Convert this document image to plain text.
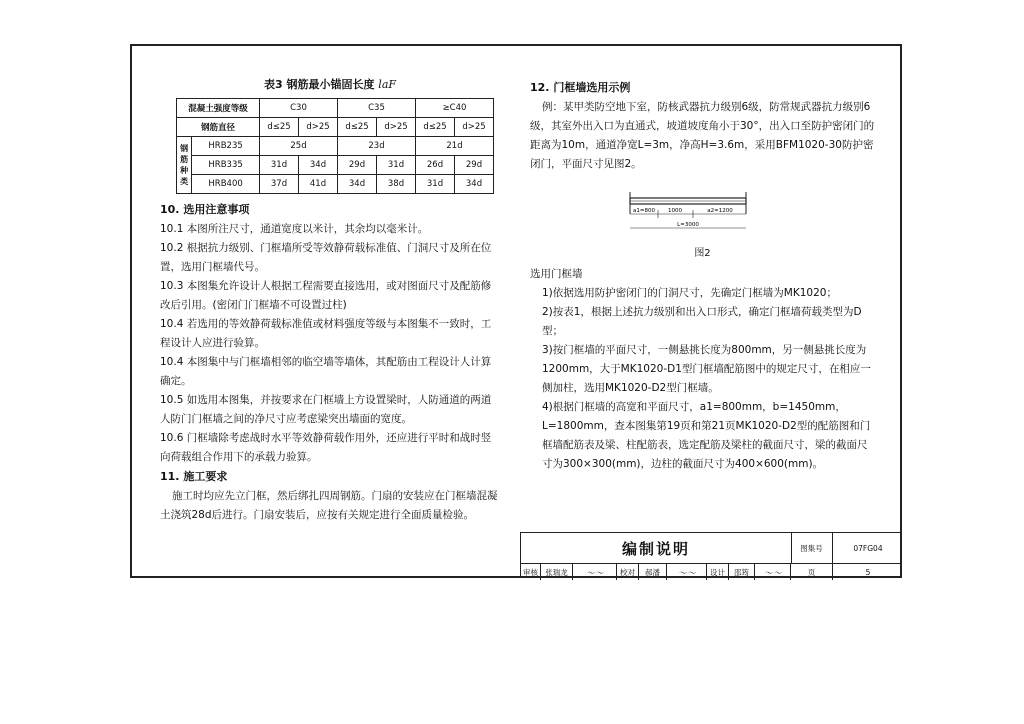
表3 钢筋最小锚固长度 laF
混凝土强度等级		C30		C35		≥C40	
钢筋直径		d≤25	d>25	d≤25	d>25	d≤25	d>25

钢
筋
种
类	HRB235	25d		23d		21d	
	HRB335	31d	34d	29d	31d	26d	29d
	HRB400	37d	41d	34d	38d	31d	34d

10. 选用注意事项

10.1 本图所注尺寸，通道宽度以米计，其余均以毫米计。

10.2 根据抗力级别、门框墙所受等效静荷载标准值、门洞尺寸及所在位置，选用门框墙代号。

10.3 本图集允许设计人根据工程需要直接选用，或对图面尺寸及配筋修改后引用。(密闭门门框墙不可设置过柱)

10.4 若选用的等效静荷载标准值或材料强度等级与本图集不一致时，工程设计人应进行验算。

10.4 本图集中与门框墙相邻的临空墙等墙体，其配筋由工程设计人计算确定。

10.5 如选用本图集，并按要求在门框墙上方设置梁时，人防通道的两道人防门门框墙之间的净尺寸应考虑梁突出墙面的宽度。

10.6 门框墙除考虑战时水平等效静荷载作用外，还应进行平时和战时竖向荷载组合作用下的承载力验算。

11. 施工要求

施工时均应先立门框，然后绑扎四周钢筋。门扇的安装应在门框墙混凝土浇筑28d后进行。门扇安装后，应按有关规定进行全面质量检验。

12. 门框墙选用示例

例：某甲类防空地下室，防核武器抗力级别6级，防常规武器抗力级别6级，其室外出入口为直通式，坡道坡度角小于30°，出入口至防护密闭门的距离为10m，通道净宽L=3m，净高H=3.6m，采用BFM1020-30防护密闭门，平面尺寸见图2。

a1=800 1000	a2=1200
L=3000
图2

选用门框墙

1)依据选用防护密闭门的门洞尺寸，先确定门框墙为MK1020；

2)按表1，根据上述抗力级别和出入口形式，确定门框墙荷载类型为D型；

3)按门框墙的平面尺寸，一侧悬挑长度为800mm，另一侧悬挑长度为1200mm，大于MK1020-D1型门框墙配筋图中的规定尺寸，在相应一侧加柱，选用MK1020-D2型门框墙。

4)根据门框墙的高宽和平面尺寸，a1=800mm，b=1450mm，L=1800mm，查本图集第19页和第21页MK1020-D2型的配筋图和门框墙配筋表及梁、柱配筋表，选定配筋及梁柱的截面尺寸，梁的截面尺寸为300×300(mm)，边柱的截面尺寸为400×600(mm)。

编制说明	图集号	07FG04
审核 张瑞龙	～～	校对	郝潘	～～	设计	邵筠	～～	页	5
